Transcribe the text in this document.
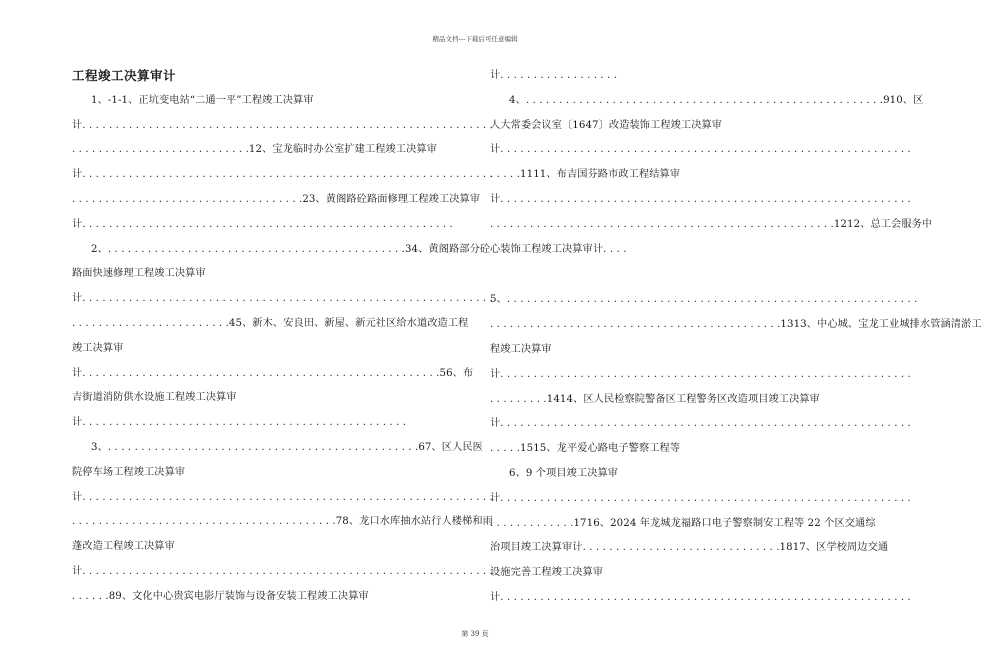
精品文档---下载后可任意编辑
工程竣工决算审计
1、-1-1、正坑变电站“二通一平”工程竣工决算审
计. . . . . . . . . . . . . . . . . . . . . . . . . . . . . . . . . . . . . . . . . . . . . . . . . . . . . . . . . . . . . .
. . . . . . . . . . . . . . . . . . . . . . . . . . .12、宝龙临时办公室扩建工程竣工决算审
计. . . . . . . . . . . . . . . . . . . . . . . . . . . . . . . . . . . . . . . . . . . . . . . . . . . . . . . . . . . . . .
. . . . . . . . . . . . . . . . . . . . . . . . . . . . . . . . . . .23、黄阁路砼路面修理工程竣工决算审
计. . . . . . . . . . . . . . . . . . . . . . . . . . . . . . . . . . . . . . . . . . . . . . . . . . . . . . . .
2、. . . . . . . . . . . . . . . . . . . . . . . . . . . . . . . . . . . . . . . . . . . . .34、黄阁路部分砼
路面快速修理工程竣工决算审
计. . . . . . . . . . . . . . . . . . . . . . . . . . . . . . . . . . . . . . . . . . . . . . . . . . . . . . . . . . . . . .
. . . . . . . . . . . . . . . . . . . . . . . .45、新木、安良田、新屋、新元社区给水道改造工程
竣工决算审
计. . . . . . . . . . . . . . . . . . . . . . . . . . . . . . . . . . . . . . . . . . . . . . . . . . . . . .56、布
吉街道消防供水设施工程竣工决算审
计. . . . . . . . . . . . . . . . . . . . . . . . . . . . . . . . . . . . . . . . . . . . . . . . .
3、. . . . . . . . . . . . . . . . . . . . . . . . . . . . . . . . . . . . . . . . . . . . . . .67、区人民医
院停车场工程竣工决算审
计. . . . . . . . . . . . . . . . . . . . . . . . . . . . . . . . . . . . . . . . . . . . . . . . . . . . . . . . . . . . . .
. . . . . . . . . . . . . . . . . . . . . . . . . . . . . . . . . . . . . . . .78、龙口水库抽水站行人楼梯和雨
蓬改造工程竣工决算审
计. . . . . . . . . . . . . . . . . . . . . . . . . . . . . . . . . . . . . . . . . . . . . . . . . . . . . . . . . . . . . .
. . . . . .89、文化中心贵宾电影厅装饰与设备安装工程竣工决算审
计. . . . . . . . . . . . . . . . . .
4、. . . . . . . . . . . . . . . . . . . . . . . . . . . . . . . . . . . . . . . . . . . . . . . . . . . . . .910、区
人大常委会议室〔1647〕改造装饰工程竣工决算审
计. . . . . . . . . . . . . . . . . . . . . . . . . . . . . . . . . . . . . . . . . . . . . . . . . . . . . . . . . . . . . .
. . . . .1111、布吉国芬路市政工程结算审
计. . . . . . . . . . . . . . . . . . . . . . . . . . . . . . . . . . . . . . . . . . . . . . . . . . . . . . . . . . . . . .
. . . . . . . . . . . . . . . . . . . . . . . . . . . . . . . . . . . . . . . . . . . . . . . . . . . .1212、总工会服务中
心装饰工程竣工决算审计. . . .
5、. . . . . . . . . . . . . . . . . . . . . . . . . . . . . . . . . . . . . . . . . . . . . . . . . . . . . . . . . . . . . .
. . . . . . . . . . . . . . . . . . . . . . . . . . . . . . . . . . . . . . . . . . . .1313、中心城、宝龙工业城排水管涵清淤工
程竣工决算审
计. . . . . . . . . . . . . . . . . . . . . . . . . . . . . . . . . . . . . . . . . . . . . . . . . . . . . . . . . . . . . .
. . . . . . . . .1414、区人民检察院警备区工程警务区改造项目竣工决算审
计. . . . . . . . . . . . . . . . . . . . . . . . . . . . . . . . . . . . . . . . . . . . . . . . . . . . . . . . . . . . . .
. . . . .1515、龙平爱心路电子警察工程等
6、9 个项目竣工决算审
计. . . . . . . . . . . . . . . . . . . . . . . . . . . . . . . . . . . . . . . . . . . . . . . . . . . . . . . . . . . . . .
. . . . . . . . . . . . .1716、2024 年龙城龙福路口电子警察制安工程等 22 个区交通综
治项目竣工决算审计. . . . . . . . . . . . . . . . . . . . . . . . . . . . . .1817、区学校周边交通
设施完善工程竣工决算审
计. . . . . . . . . . . . . . . . . . . . . . . . . . . . . . . . . . . . . . . . . . . . . . . . . . . . . . . . . . . . . .
第 39 页
